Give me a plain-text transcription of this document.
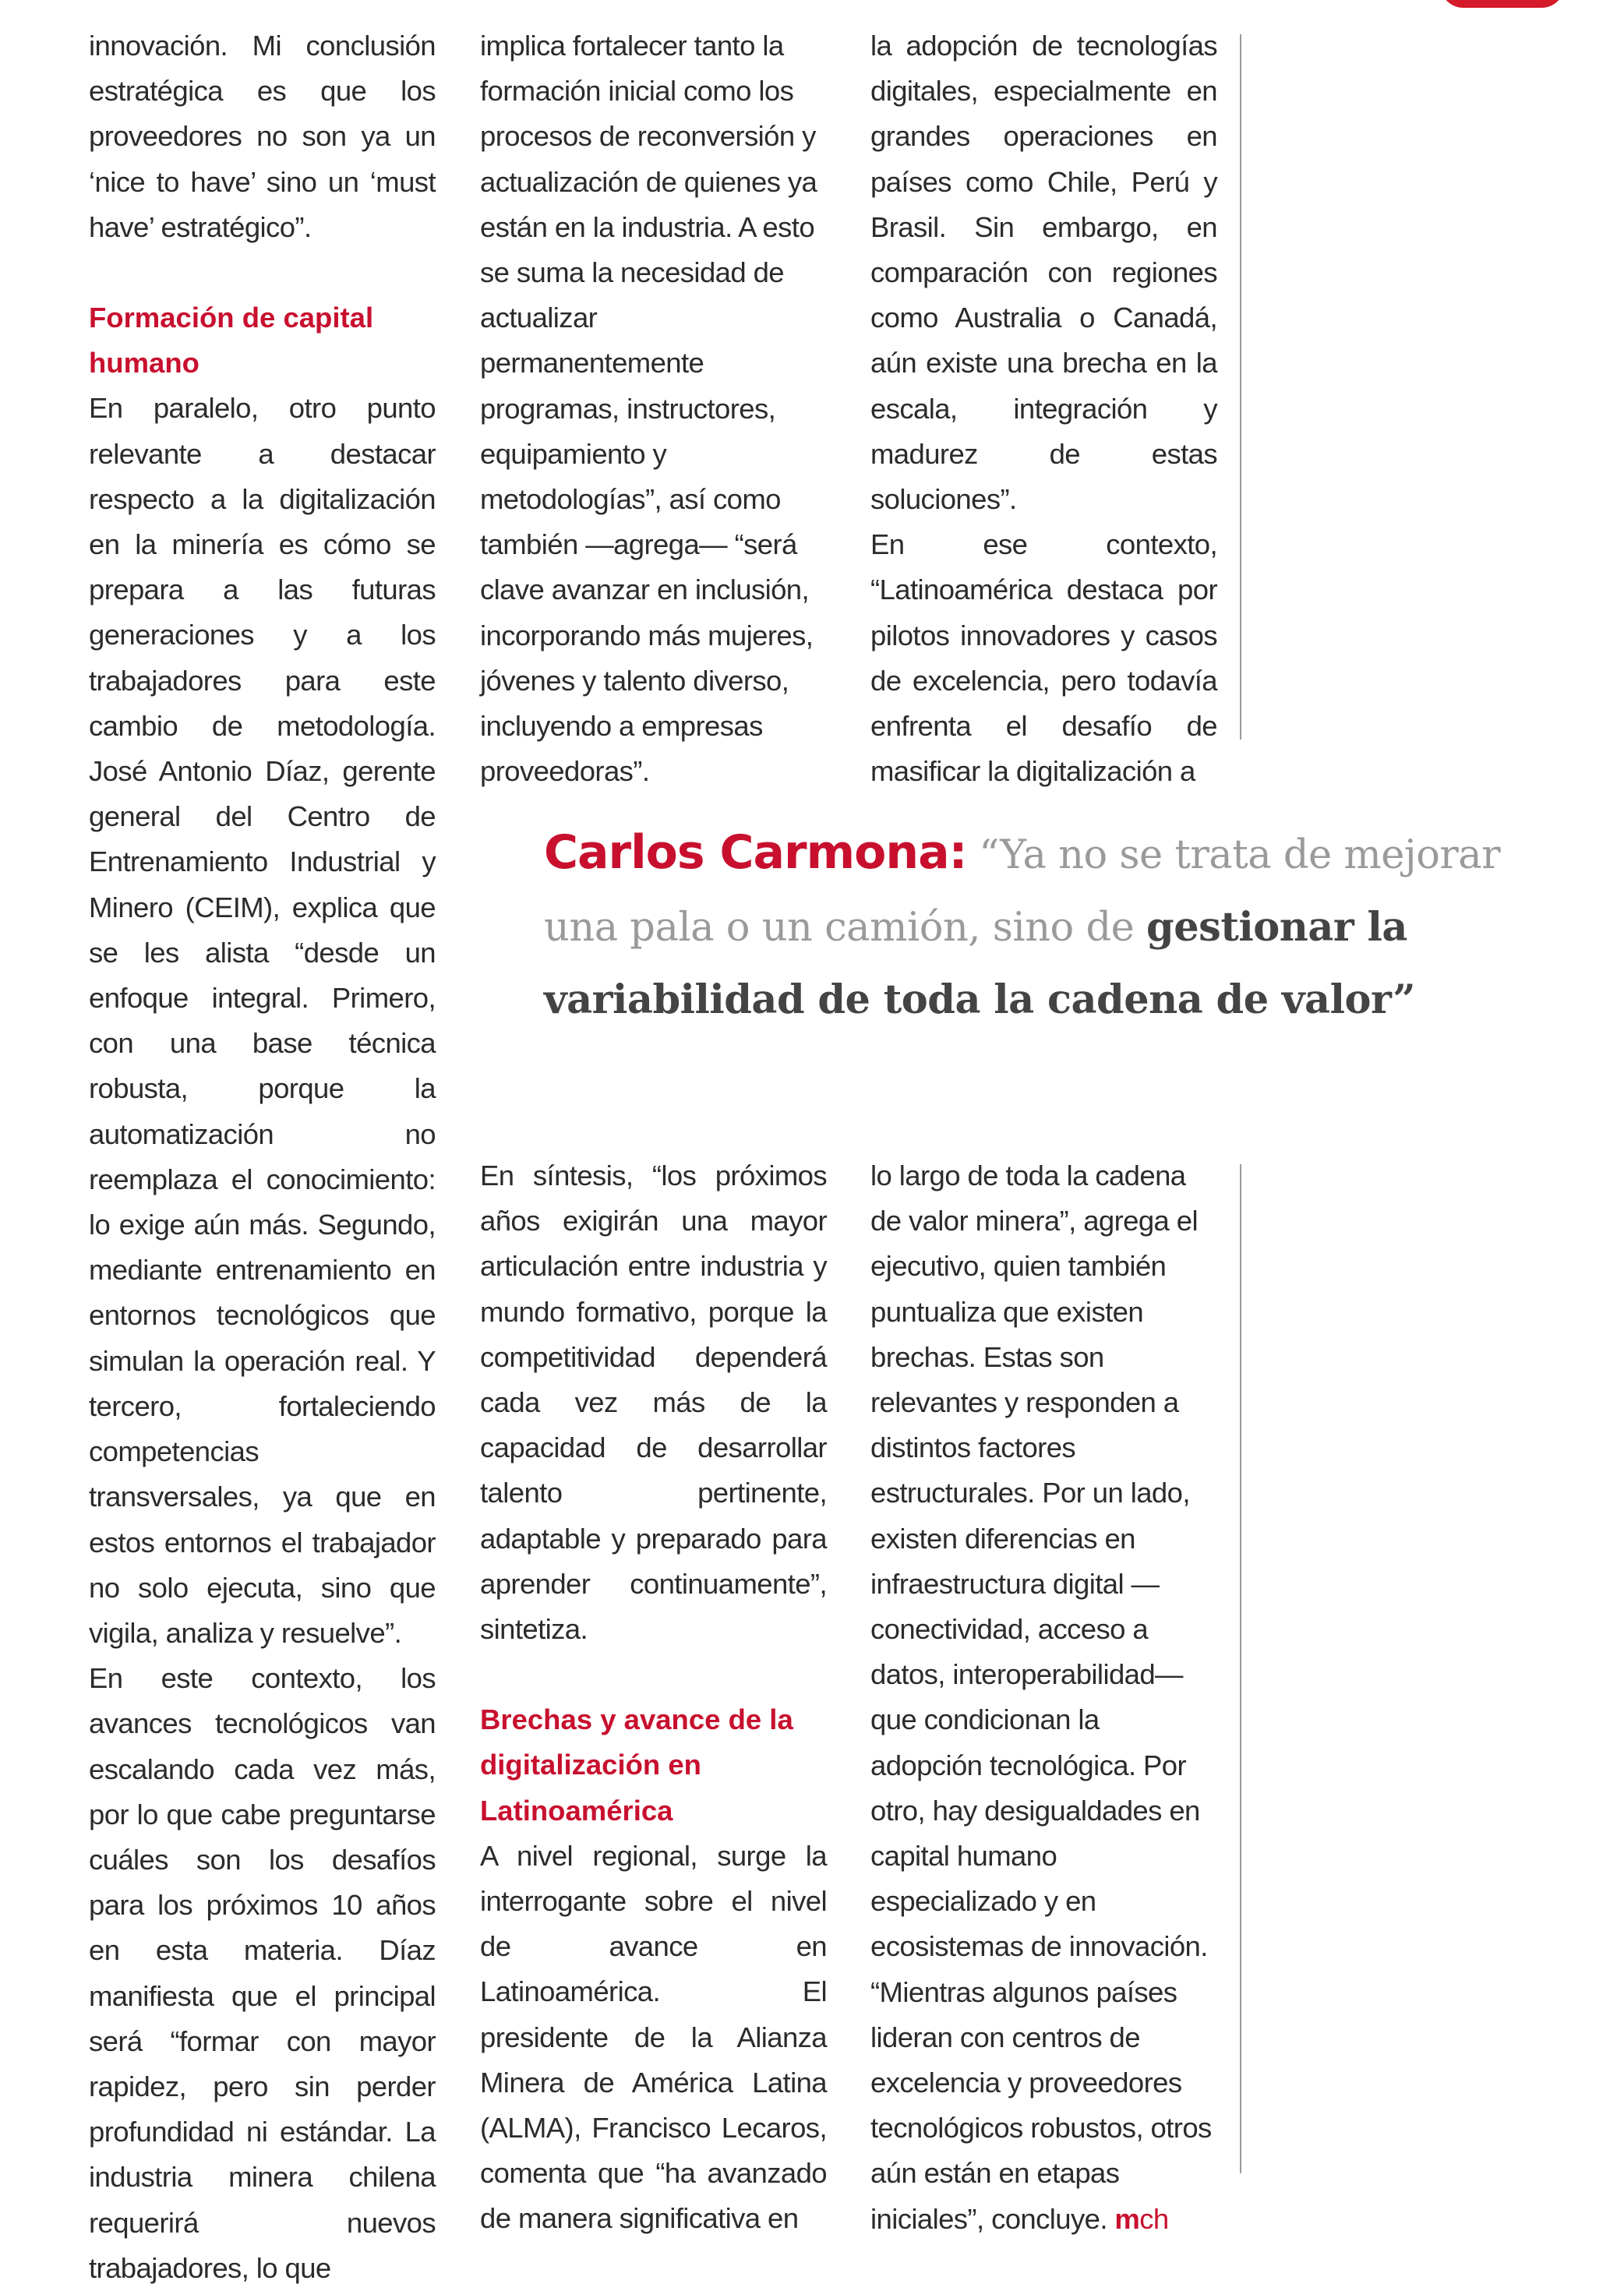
innovación. Mi conclusión estratégica es que los proveedores no son ya un ‘nice to have’ sino un ‘must have’ estratégico”.

Formación de capital humano

En paralelo, otro punto relevante a destacar respecto a la digitalización en la minería es cómo se prepara a las futuras generaciones y a los trabajadores para este cambio de metodología. José Antonio Díaz, gerente general del Centro de Entrenamiento Industrial y Minero (CEIM), explica que se les alista “desde un enfoque integral. Primero, con una base técnica robusta, porque la automatización no reemplaza el conocimiento: lo exige aún más. Segundo, mediante entrenamiento en entornos tecnológicos que simulan la operación real. Y tercero, fortaleciendo competencias transversales, ya que en estos entornos el trabajador no solo ejecuta, sino que vigila, analiza y resuelve”.

En este contexto, los avances tecnológicos van escalando cada vez más, por lo que cabe preguntarse cuáles son los desafíos para los próximos 10 años en esta materia. Díaz manifiesta que el principal será “formar con mayor rapidez, pero sin perder profundidad ni estándar. La industria minera chilena requerirá nuevos trabajadores, lo que

implica fortalecer tanto la formación inicial como los procesos de reconversión y actualización de quienes ya están en la industria. A esto se suma la necesidad de actualizar permanentemente programas, instructores, equipamiento y metodologías”, así como también —agrega— “será clave avanzar en inclusión, incorporando más mujeres, jóvenes y talento diverso, incluyendo a empresas proveedoras”.

la adopción de tecnologías digitales, especialmente en grandes operaciones en países como Chile, Perú y Brasil. Sin embargo, en comparación con regiones como Australia o Canadá, aún existe una brecha en la escala, integración y madurez de estas soluciones”.

En ese contexto, “Latinoamérica destaca por pilotos innovadores y casos de excelencia, pero todavía enfrenta el desafío de masificar la digitalización a

Carlos Carmona: “Ya no se trata de mejorar una pala o un camión, sino de gestionar la variabilidad de toda la cadena de valor”

En síntesis, “los próximos años exigirán una mayor articulación entre industria y mundo formativo, porque la competitividad dependerá cada vez más de la capacidad de desarrollar talento pertinente, adaptable y preparado para aprender continuamente”, sintetiza.

Brechas y avance de la digitalización en Latinoamérica

A nivel regional, surge la interrogante sobre el nivel de avance en Latinoamérica. El presidente de la Alianza Minera de América Latina (ALMA), Francisco Lecaros, comenta que “ha avanzado de manera significativa en

lo largo de toda la cadena de valor minera”, agrega el ejecutivo, quien también puntualiza que existen brechas. Estas son relevantes y responden a distintos factores estructurales. Por un lado, existen diferencias en infraestructura digital —conectividad, acceso a datos, interoperabilidad— que condicionan la adopción tecnológica. Por otro, hay desigualdades en capital humano especializado y en ecosistemas de innovación. “Mientras algunos países lideran con centros de excelencia y proveedores tecnológicos robustos, otros aún están en etapas iniciales”, concluye. mch
